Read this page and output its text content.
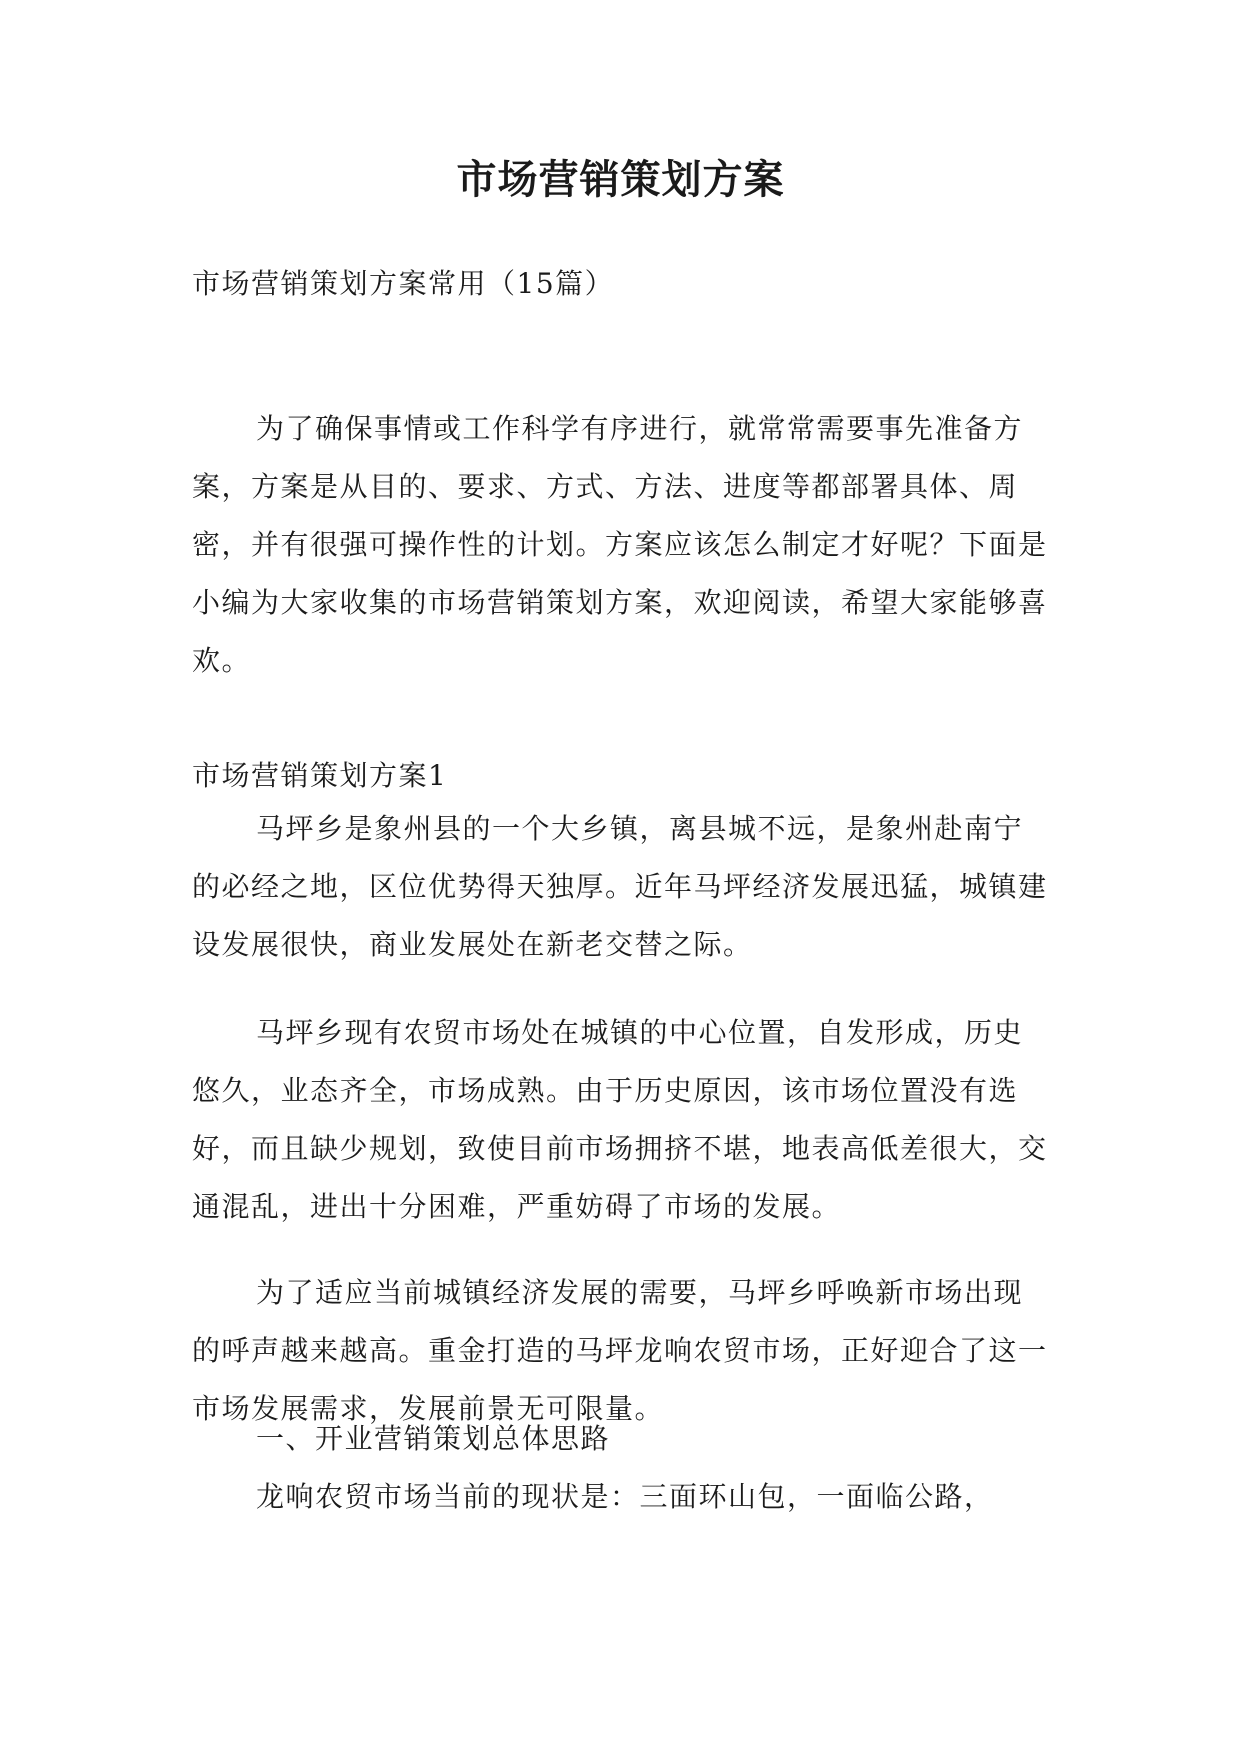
市场营销策划方案

市场营销策划方案常用（15篇）

为了确保事情或工作科学有序进行，就常常需要事先准备方案，方案是从目的、要求、方式、方法、进度等都部署具体、周密，并有很强可操作性的计划。方案应该怎么制定才好呢？下面是小编为大家收集的市场营销策划方案，欢迎阅读，希望大家能够喜欢。

市场营销策划方案1

马坪乡是象州县的一个大乡镇，离县城不远，是象州赴南宁的必经之地，区位优势得天独厚。近年马坪经济发展迅猛，城镇建设发展很快，商业发展处在新老交替之际。

马坪乡现有农贸市场处在城镇的中心位置，自发形成，历史悠久，业态齐全，市场成熟。由于历史原因，该市场位置没有选好，而且缺少规划，致使目前市场拥挤不堪，地表高低差很大，交通混乱，进出十分困难，严重妨碍了市场的发展。

为了适应当前城镇经济发展的需要，马坪乡呼唤新市场出现的呼声越来越高。重金打造的马坪龙响农贸市场，正好迎合了这一市场发展需求，发展前景无可限量。

一、开业营销策划总体思路

龙响农贸市场当前的现状是：三面环山包，一面临公路，
